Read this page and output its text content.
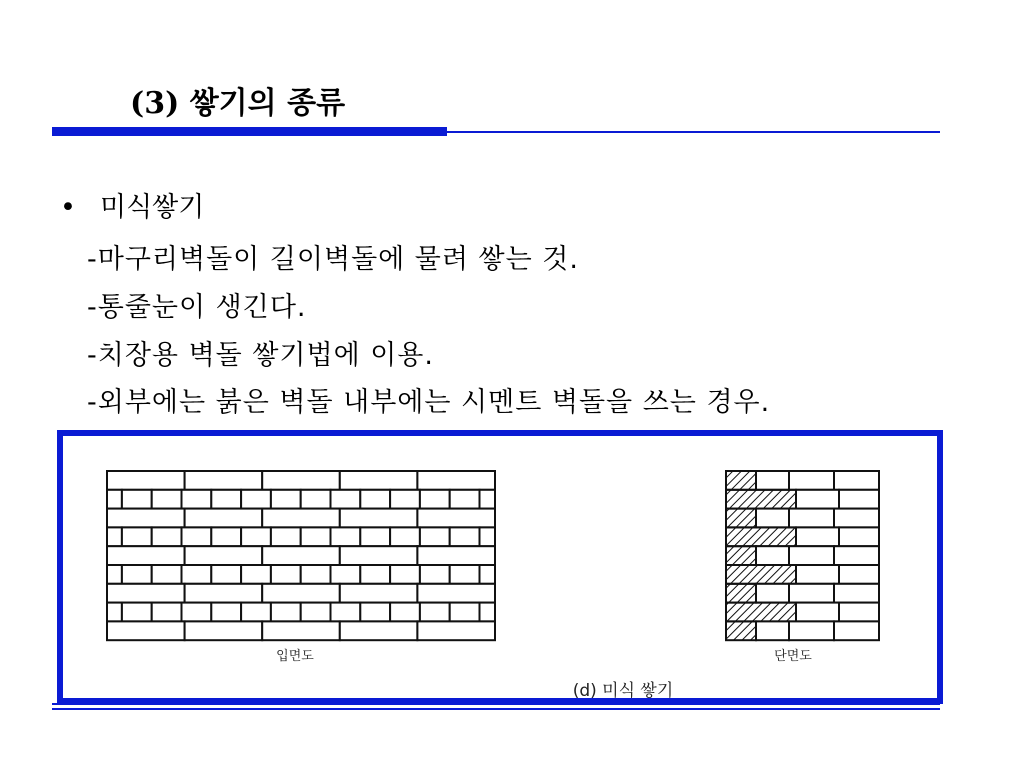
(3) 쌓기의 종류
• 미식쌓기
-마구리벽돌이 길이벽돌에 물려 쌓는 것.
-통줄눈이 생긴다.
-치장용 벽돌 쌓기법에 이용.
-외부에는 붉은 벽돌 내부에는 시멘트 벽돌을 쓰는 경우.
입면도	단면도
(d) 미식 쌓기
